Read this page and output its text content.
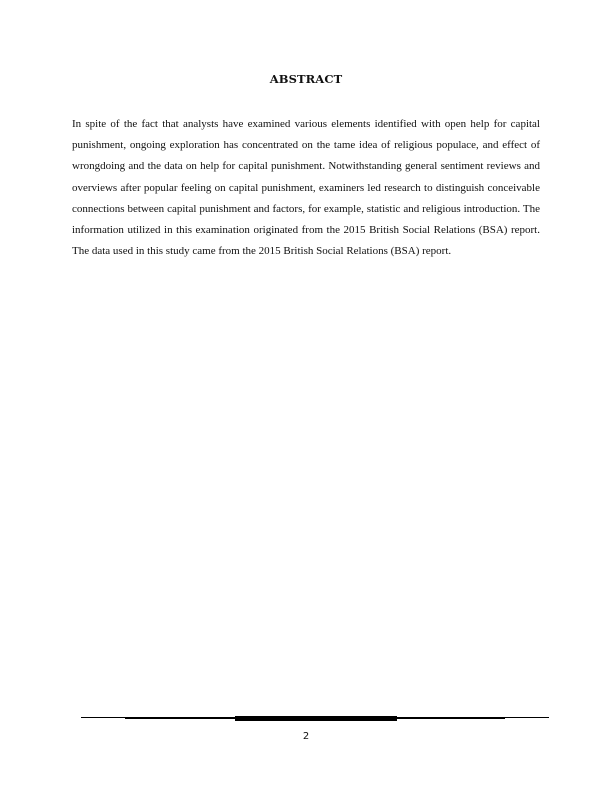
ABSTRACT

In spite of the fact that analysts have examined various elements identified with open help for capital punishment, ongoing exploration has concentrated on the tame idea of religious populace, and effect of wrongdoing and the data on help for capital punishment. Notwithstanding general sentiment reviews and overviews after popular feeling on capital punishment, examiners led research to distinguish conceivable connections between capital punishment and factors, for example, statistic and religious introduction. The information utilized in this examination originated from the 2015 British Social Relations (BSA) report. The data used in this study came from the 2015 British Social Relations (BSA) report.

2
